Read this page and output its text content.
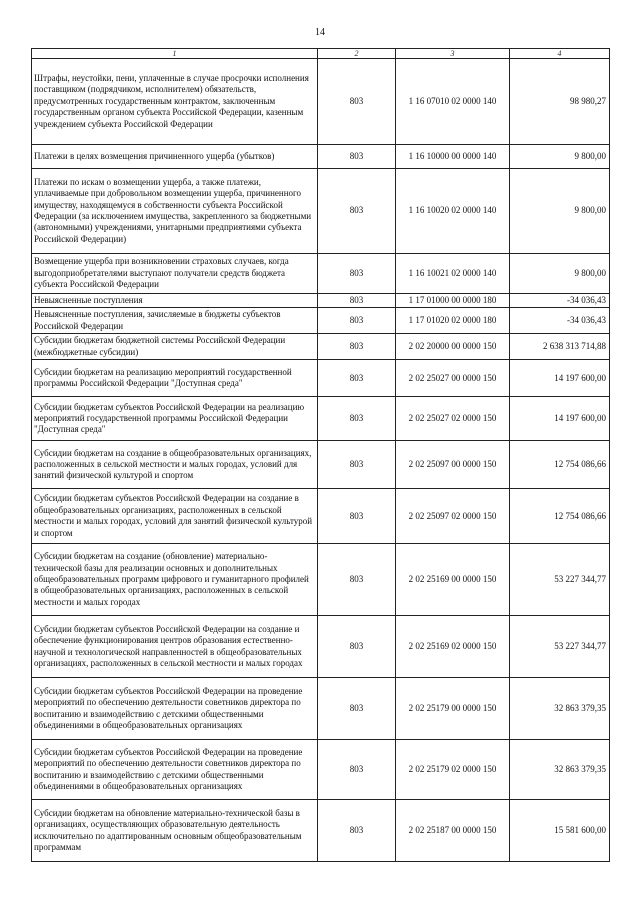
14
1	2	3	4
Штрафы, неустойки, пени, уплаченные в случае просрочки исполнения поставщиком (подрядчиком, исполнителем) обязательств, предусмотренных государственным контрактом, заключенным государственным органом субъекта Российской Федерации, казенным учреждением субъекта Российской Федерации	803	1 16 07010 02 0000 140	98 980,27
Платежи в целях возмещения причиненного ущерба (убытков)	803	1 16 10000 00 0000 140	9 800,00
Платежи по искам о возмещении ущерба, а также платежи, уплачиваемые при добровольном возмещении ущерба, причиненного имуществу, находящемуся в собственности субъекта Российской Федерации (за исключением имущества, закрепленного за бюджетными (автономными) учреждениями, унитарными предприятиями субъекта Российской Федерации)	803	1 16 10020 02 0000 140	9 800,00
Возмещение ущерба при возникновении страховых случаев, когда выгодоприобретателями выступают получатели средств бюджета субъекта Российской Федерации	803	1 16 10021 02 0000 140	9 800,00
Невыясненные поступления	803	1 17 01000 00 0000 180	-34 036,43
Невыясненные поступления, зачисляемые в бюджеты субъектов Российской Федерации	803	1 17 01020 02 0000 180	-34 036,43
Субсидии бюджетам бюджетной системы Российской Федерации (межбюджетные субсидии)	803	2 02 20000 00 0000 150	2 638 313 714,88
Субсидии бюджетам на реализацию мероприятий государственной программы Российской Федерации "Доступная среда"	803	2 02 25027 00 0000 150	14 197 600,00
Субсидии бюджетам субъектов Российской Федерации на реализацию мероприятий государственной программы Российской Федерации "Доступная среда"	803	2 02 25027 02 0000 150	14 197 600,00
Субсидии бюджетам на создание в общеобразовательных организациях, расположенных в сельской местности и малых городах, условий для занятий физической культурой и спортом	803	2 02 25097 00 0000 150	12 754 086,66
Субсидии бюджетам субъектов Российской Федерации на создание в общеобразовательных организациях, расположенных в сельской местности и малых городах, условий для занятий физической культурой и спортом	803	2 02 25097 02 0000 150	12 754 086,66
Субсидии бюджетам на создание (обновление) материально-технической базы для реализации основных и дополнительных общеобразовательных программ цифрового и гуманитарного профилей в общеобразовательных организациях, расположенных в сельской местности и малых городах	803	2 02 25169 00 0000 150	53 227 344,77
Субсидии бюджетам субъектов Российской Федерации на создание и обеспечение функционирования центров образования естественно-научной и технологической направленностей в общеобразовательных организациях, расположенных в сельской местности и малых городах	803	2 02 25169 02 0000 150	53 227 344,77
Субсидии бюджетам субъектов Российской Федерации на проведение мероприятий по обеспечению деятельности советников директора по воспитанию и взаимодействию с детскими общественными объединениями в общеобразовательных организациях	803	2 02 25179 00 0000 150	32 863 379,35
Субсидии бюджетам субъектов Российской Федерации на проведение мероприятий по обеспечению деятельности советников директора по воспитанию и взаимодействию с детскими общественными объединениями в общеобразовательных организациях	803	2 02 25179 02 0000 150	32 863 379,35
Субсидии бюджетам на обновление материально-технической базы в организациях, осуществляющих образовательную деятельность исключительно по адаптированным основным общеобразовательным программам	803	2 02 25187 00 0000 150	15 581 600,00
